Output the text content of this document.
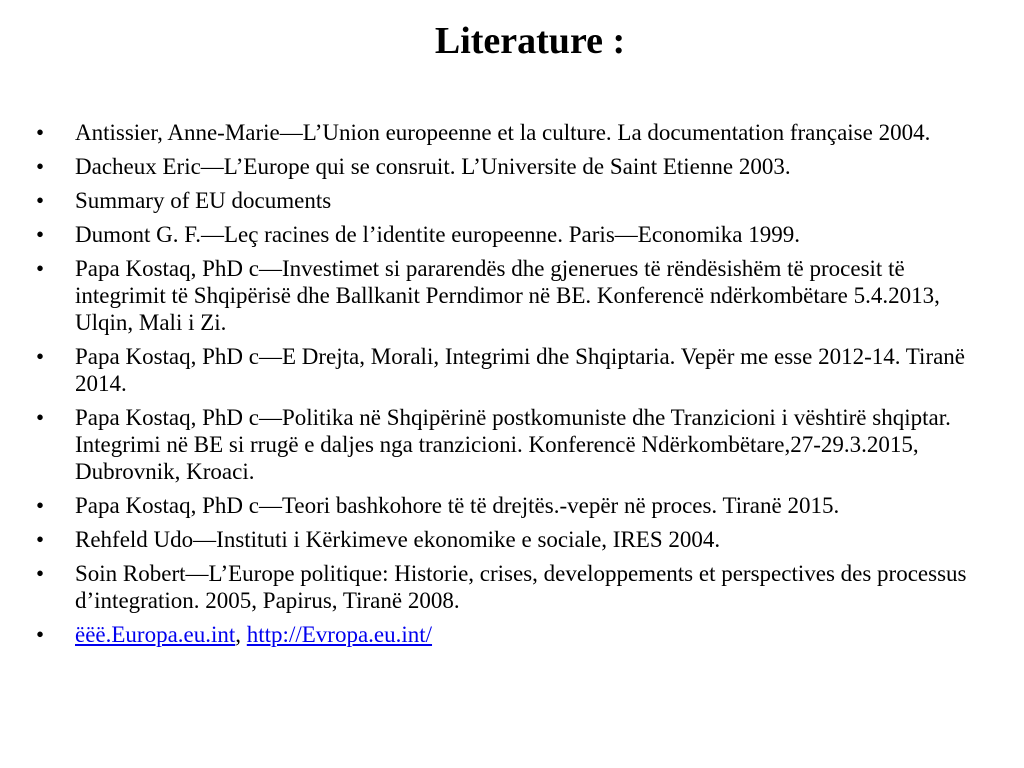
Literature :
•	Antissier, Anne-Marie—L’Union europeenne et la culture. La documentation française 2004.
•	Dacheux Eric—L’Europe qui se consruit. L’Universite de Saint Etienne 2003.
•	Summary of EU documents
•	Dumont G. F.—Leç racines de l’identite europeenne. Paris—Economika 1999.
•	Papa Kostaq, PhD c—Investimet si pararendës dhe gjenerues të rëndësishëm të procesit të integrimit të Shqipërisë dhe Ballkanit Perndimor në BE. Konferencë ndërkombëtare 5.4.2013, Ulqin, Mali i Zi.
•	Papa Kostaq, PhD c—E Drejta, Morali, Integrimi dhe Shqiptaria. Vepër me esse 2012-14. Tiranë 2014.
•	Papa Kostaq, PhD c—Politika në Shqipërinë postkomuniste dhe Tranzicioni i vështirë shqiptar. Integrimi në BE si rrugë e daljes nga tranzicioni. Konferencë Ndërkombëtare,27-29.3.2015, Dubrovnik, Kroaci.
•	Papa Kostaq, PhD c—Teori bashkohore të të drejtës.-vepër në proces. Tiranë 2015.
•	Rehfeld Udo—Instituti i Kërkimeve ekonomike e sociale, IRES 2004.
•	Soin Robert—L’Europe politique: Historie, crises, developpements et perspectives des processus d’integration. 2005, Papirus, Tiranë 2008.
•	ëëë.Europa.eu.int, http://Evropa.eu.int/
